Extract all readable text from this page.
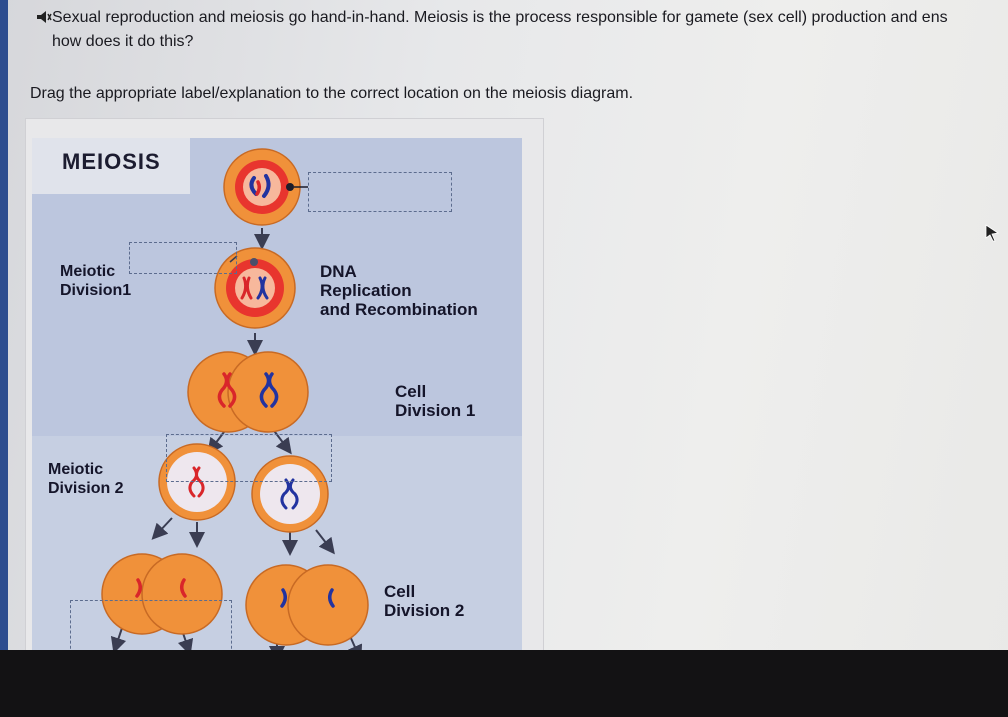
Sexual reproduction and meiosis go hand-in-hand. Meiosis is the process responsible for gamete (sex cell) production and ens
how does it do this?
Drag the appropriate label/explanation to the correct location on the meiosis diagram.
MEIOSIS
Meiotic
Division1
DNA
Replication
and Recombination
Cell
Division 1
Meiotic
Division 2
Cell
Division 2
